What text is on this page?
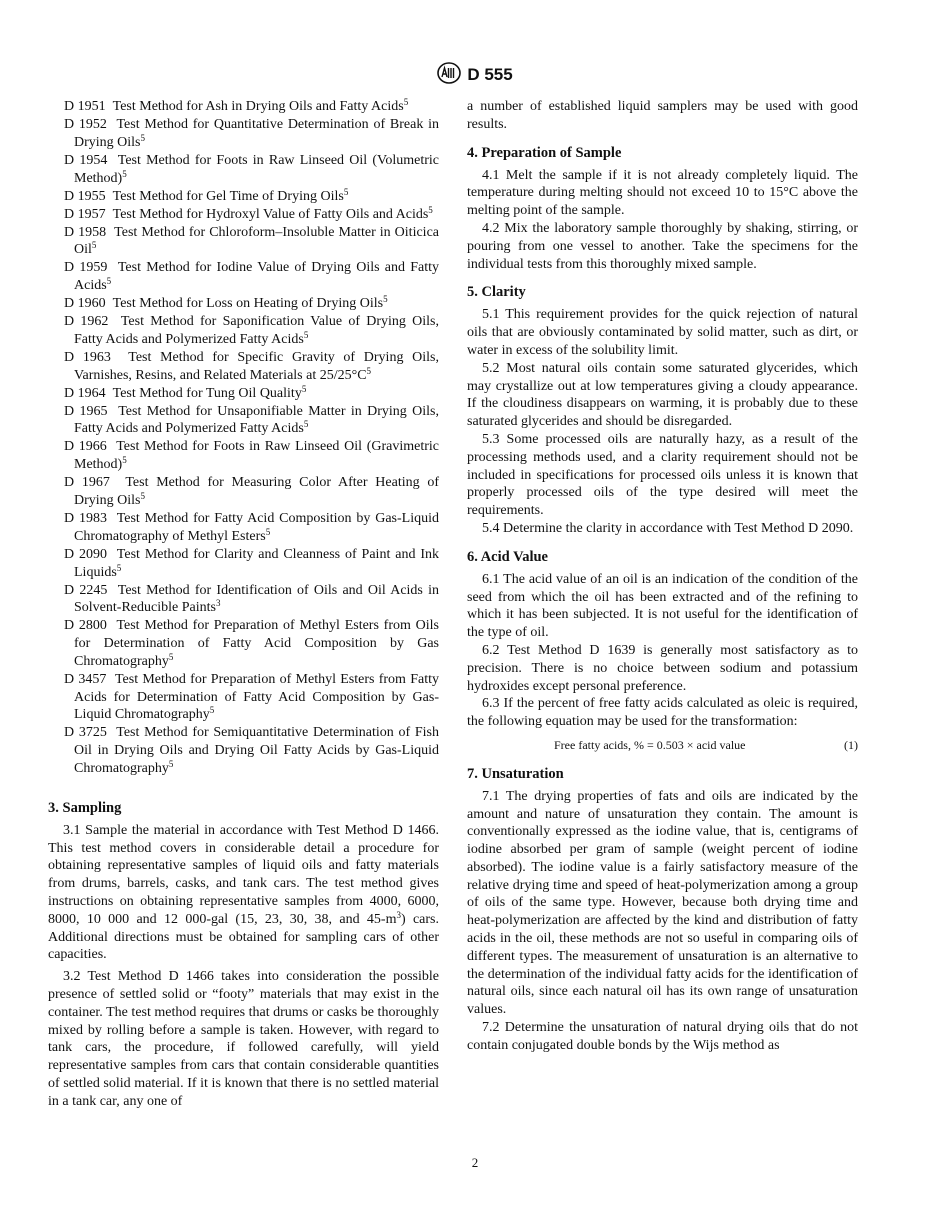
D 555
D 1951 Test Method for Ash in Drying Oils and Fatty Acids$^5$
D 1952 Test Method for Quantitative Determination of Break in Drying Oils$^5$
D 1954 Test Method for Foots in Raw Linseed Oil (Volumetric Method)$^5$
D 1955 Test Method for Gel Time of Drying Oils$^5$
D 1957 Test Method for Hydroxyl Value of Fatty Oils and Acids$^5$
D 1958 Test Method for Chloroform–Insoluble Matter in Oiticica Oil$^5$
D 1959 Test Method for Iodine Value of Drying Oils and Fatty Acids$^5$
D 1960 Test Method for Loss on Heating of Drying Oils$^5$
D 1962 Test Method for Saponification Value of Drying Oils, Fatty Acids and Polymerized Fatty Acids$^5$
D 1963 Test Method for Specific Gravity of Drying Oils, Varnishes, Resins, and Related Materials at $25/25^\circ C^5$
D 1964 Test Method for Tung Oil Quality$^5$
D 1965 Test Method for Unsaponifiable Matter in Drying Oils, Fatty Acids and Polymerized Fatty Acids$^5$
D 1966 Test Method for Foots in Raw Linseed Oil (Gravimetric Method)$^5$
D 1967 Test Method for Measuring Color After Heating of Drying Oils$^5$
D 1983 Test Method for Fatty Acid Composition by Gas-Liquid Chromatography of Methyl Esters$^5$
D 2090 Test Method for Clarity and Cleanness of Paint and Ink Liquids$^5$
D 2245 Test Method for Identification of Oils and Oil Acids in Solvent-Reducible Paints$^3$
D 2800 Test Method for Preparation of Methyl Esters from Oils for Determination of Fatty Acid Composition by Gas Chromatography$^5$
D 3457 Test Method for Preparation of Methyl Esters from Fatty Acids for Determination of Fatty Acid Composition by Gas-Liquid Chromatography$^5$
D 3725 Test Method for Semiquantitative Determination of Fish Oil in Drying Oils and Drying Oil Fatty Acids by Gas-Liquid Chromatography$^5$
3. Sampling

3.1 Sample the material in accordance with Test Method D 1466. This test method covers in considerable detail a procedure for obtaining representative samples of liquid oils and fatty materials from drums, barrels, casks, and tank cars. The test method gives instructions on obtaining representative samples from 4000, 6000, 8000, 10 000 and 12 000-gal (15, 23, 30, 38, and $45-m^3$) cars. Additional directions must be obtained for sampling cars of other capacities.

3.2 Test Method D 1466 takes into consideration the possible presence of settled solid or “footy” materials that may exist in the container. The test method requires that drums or casks be thoroughly mixed by rolling before a sample is taken. However, with regard to tank cars, the procedure, if followed carefully, will yield representative samples from cars that contain considerable quantities of settled solid material. If it is known that there is no settled material in a tank car, any one of

a number of established liquid samplers may be used with good results.

4. Preparation of Sample

4.1 Melt the sample if it is not already completely liquid. The temperature during melting should not exceed 10 to 15°C above the melting point of the sample.

4.2 Mix the laboratory sample thoroughly by shaking, stirring, or pouring from one vessel to another. Take the specimens for the individual tests from this thoroughly mixed sample.

5. Clarity

5.1 This requirement provides for the quick rejection of natural oils that are obviously contaminated by solid matter, such as dirt, or water in excess of the solubility limit.

5.2 Most natural oils contain some saturated glycerides, which may crystallize out at low temperatures giving a cloudy appearance. If the cloudiness disappears on warming, it is probably due to these saturated glycerides and should be disregarded.

5.3 Some processed oils are naturally hazy, as a result of the processing methods used, and a clarity requirement should not be included in specifications for processed oils unless it is known that properly processed oils of the type desired will meet the requirements.

5.4 Determine the clarity in accordance with Test Method D 2090.

6. Acid Value

6.1 The acid value of an oil is an indication of the condition of the seed from which the oil has been extracted and of the refining to which it has been subjected. It is not useful for the identification of the type of oil.

6.2 Test Method D 1639 is generally most satisfactory as to precision. There is no choice between sodium and potassium hydroxides except personal preference.

6.3 If the percent of free fatty acids calculated as oleic is required, the following equation may be used for the transformation:

Free fatty acids, % = 0.503 × acid value	(1)
7. Unsaturation

7.1 The drying properties of fats and oils are indicated by the amount and nature of unsaturation they contain. The amount is conventionally expressed as the iodine value, that is, centigrams of iodine absorbed per gram of sample (weight percent of iodine absorbed). The iodine value is a fairly satisfactory measure of the relative drying time and speed of heat-polymerization among a group of oils of the same type. However, because both drying time and heat-polymerization are affected by the kind and distribution of fatty acids in the oil, these methods are not so useful in comparing oils of different types. The measurement of unsaturation is an alternative to the determination of the individual fatty acids for the identification of natural oils, since each natural oil has its own range of unsaturation values.

7.2 Determine the unsaturation of natural drying oils that do not contain conjugated double bonds by the Wijs method as

2
